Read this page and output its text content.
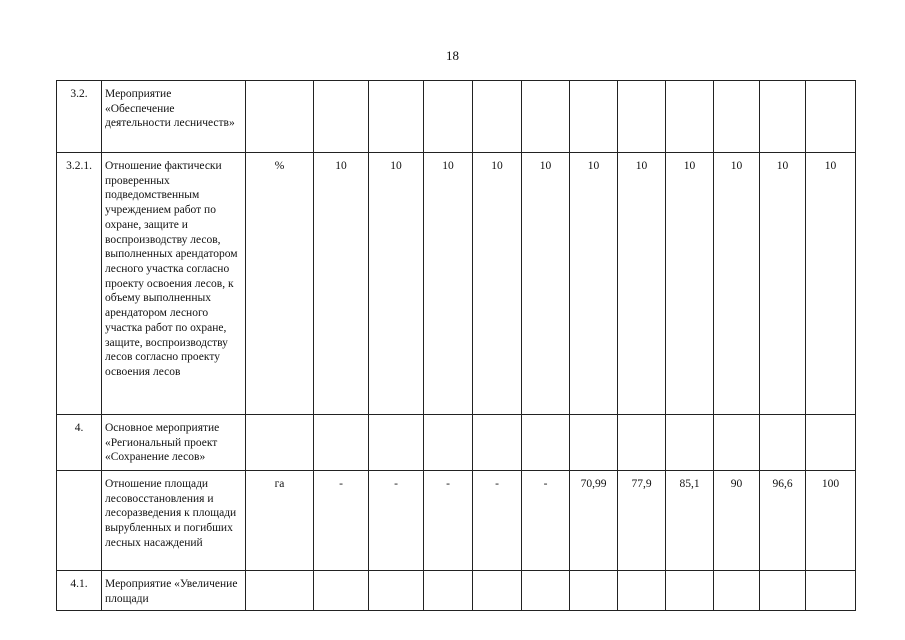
18
3.2.	Мероприятие «Обеспечение деятельности лесничеств»													
3.2.1.	Отношение фактически проверенных подведомственным учреждением работ по охране, защите и воспроизводству лесов, выполненных арендатором лесного участка согласно проекту освоения лесов, к объему выполненных арендатором лесного участка работ по охране, защите, воспроизводству лесов согласно проекту освоения лесов	%	10	10	10	10	10	10	10	10	10	10	10	
4.	Основное мероприятие «Региональный проект «Сохранение лесов»													
	Отношение площади лесовосстановления и лесоразведения к площади вырубленных и погибших лесных насаждений	га	-	-	-	-	-	70,99	77,9	85,1	90	96,6	100	
4.1.	Мероприятие «Увеличение площади													
